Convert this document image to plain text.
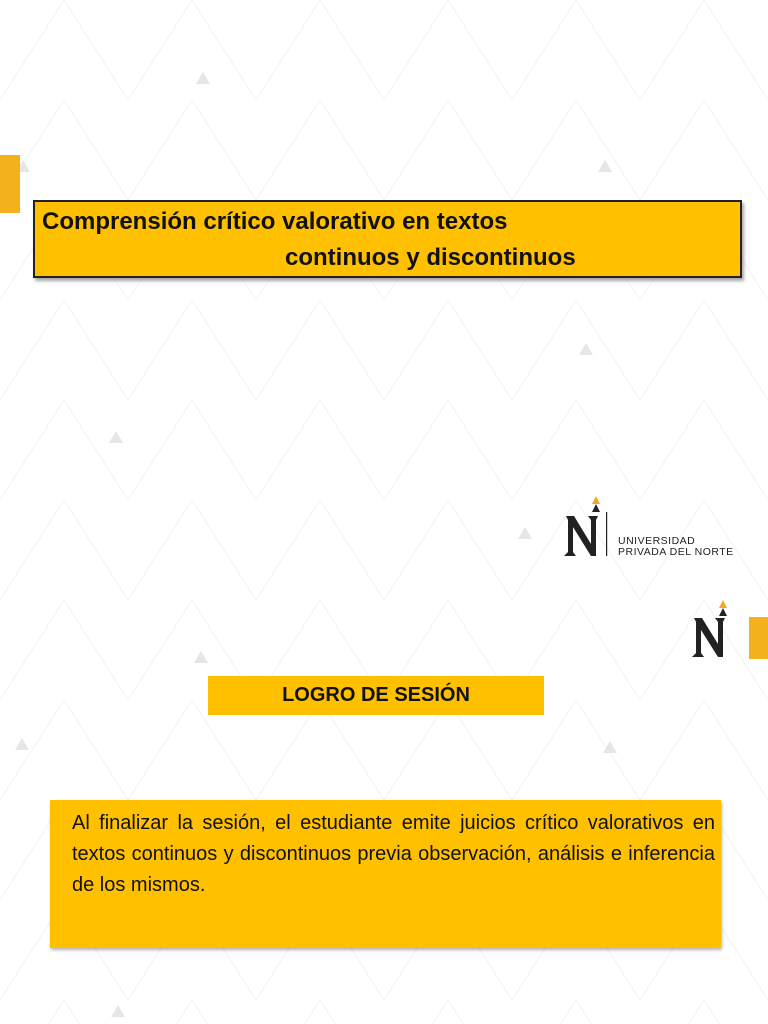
Comprensión crítico valorativo en textos
continuos y discontinuos
UNIVERSIDAD
PRIVADA DEL NORTE
LOGRO DE SESIÓN

Al finalizar la sesión, el estudiante emite juicios crítico valorativos en textos continuos y discontinuos previa observación, análisis e inferencia de los mismos.
